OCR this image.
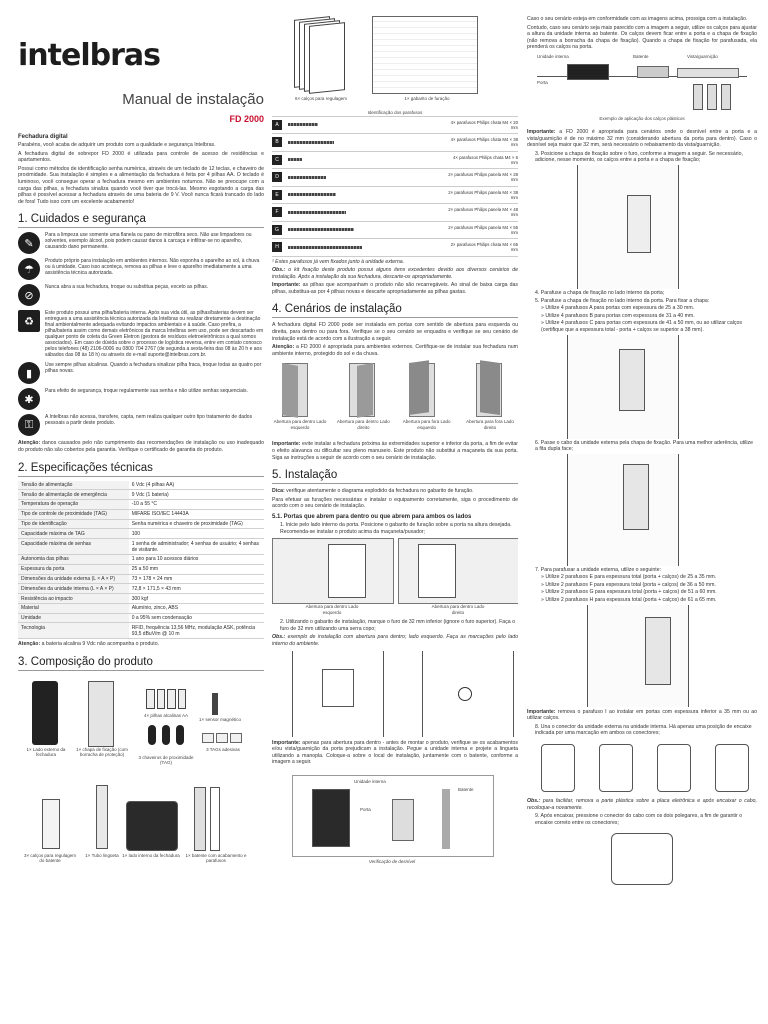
intelbras
Manual de instalação
FD 2000
Fechadura digital
Parabéns, você acaba de adquirir um produto com a qualidade e segurança Intelbras.
A fechadura digital de sobrepor FD 2000 é utilizada para controle de acesso de residências e apartamentos.
Possui como métodos de identificação senha numérica, através de um teclado de 12 teclas, e chaveiro de proximidade. Sua instalação é simples e a alimentação da fechadura é feita por 4 pilhas AA. O teclado é luminoso, você consegue operar a fechadura mesmo em ambientes noturnos. Não se preocupe com a carga das pilhas, a fechadura sinaliza quando você tiver que trocá-las. Mesmo esgotando a carga das pilhas é possível acessar a fechadura através de uma bateria de 9 V. Você nunca ficará trancado do lado de fora! Tudo isso com um excelente acabamento!
1. Cuidados e segurança
✎
Para a limpeza use somente uma flanela ou pano de microfibra seco. Não use limpadores ou solventes, exemplo álcool, pois podem causar danos à carcaça e infiltrar-se no aparelho, causando dano permanente.
☂
Produto próprio para instalação em ambientes internos. Não exponha o aparelho ao sol, à chuva ou à umidade. Caso isso aconteça, remova as pilhas e leve o aparelho imediatamente a uma assistência técnica autorizada.
⊘
Nunca abra a sua fechadura, troque ou substitua peças, exceto as pilhas.
♻
Este produto possui uma pilha/bateria interna. Após sua vida útil, as pilhas/baterias devem ser entregues a uma assistência técnica autorizada da Intelbras ou realizar diretamente a destinação final ambientalmente adequada evitando impactos ambientais e à saúde. Caso prefira, a pilha/bateria assim como demais eletrônicos da marca Intelbras sem uso, pode ser descartado em qualquer ponto de coleta da Green Eletron (gestora de resíduos eletroeletrônicos a qual somos associados). Em caso de dúvida sobre o processo de logística reversa, entre em contato conosco pelos telefones (48) 2106-0006 ou 0800 704 2767 (de segunda a sexta-feira das 08 às 20 h e aos sábados das 08 às 18 h) ou através do e-mail suporte@intelbras.com.br.
▮
Use sempre pilhas alcalinas. Quando a fechadura sinalizar pilha fraca, troque todas as quatro por pilhas novas.
✱
Para efeito de segurança, troque regularmente sua senha e não utilize senhas sequenciais.
⚿
A Intelbras não acessa, transfere, capta, nem realiza qualquer outro tipo tratamento de dados pessoais a partir deste produto.
Atenção: danos causados pelo não cumprimento das recomendações de instalação ou uso inadequado do produto não são cobertos pela garantia. Verifique o certificado de garantia do produto.
2. Especificações técnicas
Tensão de alimentação	6 Vdc (4 pilhas AA)
Tensão de alimentação de emergência	9 Vdc (1 bateria)
Temperatura de operação	-10 a 55 °C
Tipo de controle de proximidade (TAG)	MIFARE ISO/IEC 14443A
Tipo de identificação	Senha numérica e chaveiro de proximidade (TAG)
Capacidade máxima de TAG	100
Capacidade máxima de senhas	1 senha de administrador; 4 senhas de usuário; 4 senhas de visitante.
Autonomia das pilhas	1 ano para 10 acessos diários
Espessura da porta	25 a 50 mm
Dimensões da unidade externa (L × A × P)	73 × 178 × 24 mm
Dimensões da unidade interna (L × A × P)	72,8 × 171,5 × 43 mm
Resistência ao impacto	300 kgf
Material	Alumínio, zinco, ABS
Umidade	0 a 95% sem condensação
Tecnologia	RFID, frequência 13,56 MHz, modulação ASK, potência 93,5 dBuV/m @ 10 m
Atenção: a bateria alcalina 9 Vdc não acompanha o produto.
3. Composição do produto
1× Lado externo da fechadura
1× chapa de fixação (com borracha de proteção)
4× pilhas alcalinas AA
1× sensor magnético
3 chaveiros de proximidade (TAG)
3 TAGs adesivas
1× Tubo lingüeta
3× calços para regulagem do batente
1× lado interno da fechadura	1× batente com acabamento e parafusos
6× calços para regulagem	1× gabarito de furação
Identificação dos parafusos
A	4× parafusos Philips chata M4 × 20 mm
B	4× parafusos Philips chata M4 × 38 mm
C	4× parafusos Philips chata M4 × 6 mm
D	2× parafusos Philips panela M4 × 28 mm
E	2× parafusos Philips panela M4 × 38 mm
F	2× parafusos Philips panela M4 × 48 mm
G	2× parafusos Philips panela M4 × 55 mm
H	2× parafusos Philips chata M4 × 65 mm
¹ Estes parafusos já vem fixados junto à unidade externa.
Obs.: o kit fixação deste produto possui alguns itens excedentes devido aos diversos cenários de instalação. Após a instalação da sua fechadura, descarte-os apropriadamente.
Importante: as pilhas que acompanham o produto não são recarregáveis. Ao sinal de baixa carga das pilhas, substitua-as por 4 pilhas novas e descarte apropriadamente as pilhas gastas.
4. Cenários de instalação
A fechadura digital FD 2000 pode ser instalada em portas com sentido de abertura para esquerda ou direita, para dentro ou para fora. Verifique se o seu cenário se enquadra e verifique se seu cenário de instalação está de acordo com a ilustração a seguir.
Atenção: a FD 2000 é apropriada para ambientes externos. Certifique-se de instalar sua fechadura num ambiente interno, protegido do sol e da chuva.
Abertura para dentro Lado esquerdo
Abertura para dentro Lado direito
Abertura para fora Lado esquerdo
Abertura para fora Lado direito
Importante: evite instalar a fechadura próxima às extremidades superior e inferior da porta, a fim de evitar o efeito alavanca ou dificultar seu pleno manuseio. Este produto não substitui a maçaneta da sua porta. Siga as instruções a seguir de acordo com o seu cenário de instalação.
5. Instalação
Dica: verifique atentamente o diagrama explodido da fechadura no gabarito de furação.
Para efetuar as furações necessárias e instalar o equipamento corretamente, siga o procedimento de acordo com o seu cenário de instalação.
5.1. Portas que abrem para dentro ou que abrem para ambos os lados
1. Inicie pelo lado interno da porta. Posicione o gabarito de furação sobre a porta na altura desejada. Recomenda-se instalar o produto acima da maçaneta/puxador;
Abertura para dentro Lado esquerdo
Abertura para dentro Lado direito
2. Utilizando o gabarito de instalação, marque o furo de 32 mm inferior (ignore o furo superior). Faça o furo de 32 mm utilizando uma serra copo;
Obs.: exemplo de instalação com abertura para dentro; lado esquerdo. Faça as marcações pelo lado interno do ambiente.
Importante: apenas para abertura para dentro - antes de montar o produto, verifique se os acabamentos e/ou vista/guarnição da porta prejudicam a instalação. Pegue a unidade interna e projete a lingueta utilizando a manopla. Coloque-a sobre o local de instalação, juntamente com o batente, conforme a imagem a seguir.
Unidade interna
Porta
Batente
Verificação de desnível
Caso o seu cenário esteja em conformidade com as imagens acima, prossiga com a instalação.
Contudo, caso seu cenário seja mais parecido com a imagem a seguir, utilize os calços para ajustar a altura da unidade interna ao batente. Os calços devem ficar entre a porta e a chapa de fixação (não remova a borracha da chapa de fixação). Quando a chapa de fixação for parafusada, ela prenderá os calços na porta.
Unidade interna	Batente
Porta
Vista/guarnição
Exemplo de aplicação dos calços plásticos
Importante: a FD 2000 é apropriada para cenários onde o desnível entre a porta e a vista/guarnição é de no máximo 32 mm (considerando abertura da porta para dentro). Caso o desnível seja maior que 32 mm, será necessário o rebaixamento da vista/guarnição.
3. Posicione a chapa de fixação sobre o furo, conforme a imagem a seguir. Se necessário, adicione, nesse momento, os calços entre a porta e a chapa de fixação;
4. Parafuse a chapa de fixação no lado interno da porta;
5. Parafuse a chapa de fixação no lado interno da porta. Para fixar a chapa:
» Utilize 4 parafusos A para portas com espessura de 25 a 30 mm.
» Utilize 4 parafusos B para portas com espessura de 31 a 40 mm.
» Utilize 4 parafusos C para portas com espessura de 41 a 50 mm, ou ao utilizar calços (certifique que a espessura total - porta + calços se superior a 38 mm).
6. Passe o cabo da unidade externa pela chapa de fixação. Para uma melhor aderência, utilize a fita dupla face;
7. Para parafusar a unidade externa, utilize o seguinte:
» Utilize 2 parafusos E para espessura total (porta + calços) de 25 a 35 mm.
» Utilize 2 parafusos F para espessura total (porta + calços) de 36 a 50 mm.
» Utilize 2 parafusos G para espessura total (porta + calços) de 51 a 60 mm.
» Utilize 2 parafusos H para espessura total (porta + calços) de 61 a 65 mm.
Importante: remova o parafuso I ao instalar em portas com espessura inferior a 35 mm ou ao utilizar calços.
8. Una o conector da unidade externa na unidade interna. Há apenas uma posição de encaixe indicada por uma marcação em ambos os conectores;
Obs.: para facilitar, remova a parte plástica sobre a placa eletrônica e após encaixar o cabo, recoloque-a novamente.
9. Após encaixar, pressione o conector do cabo com os dois polegares, a fim de garantir o encaixe correto entre os conectores;
